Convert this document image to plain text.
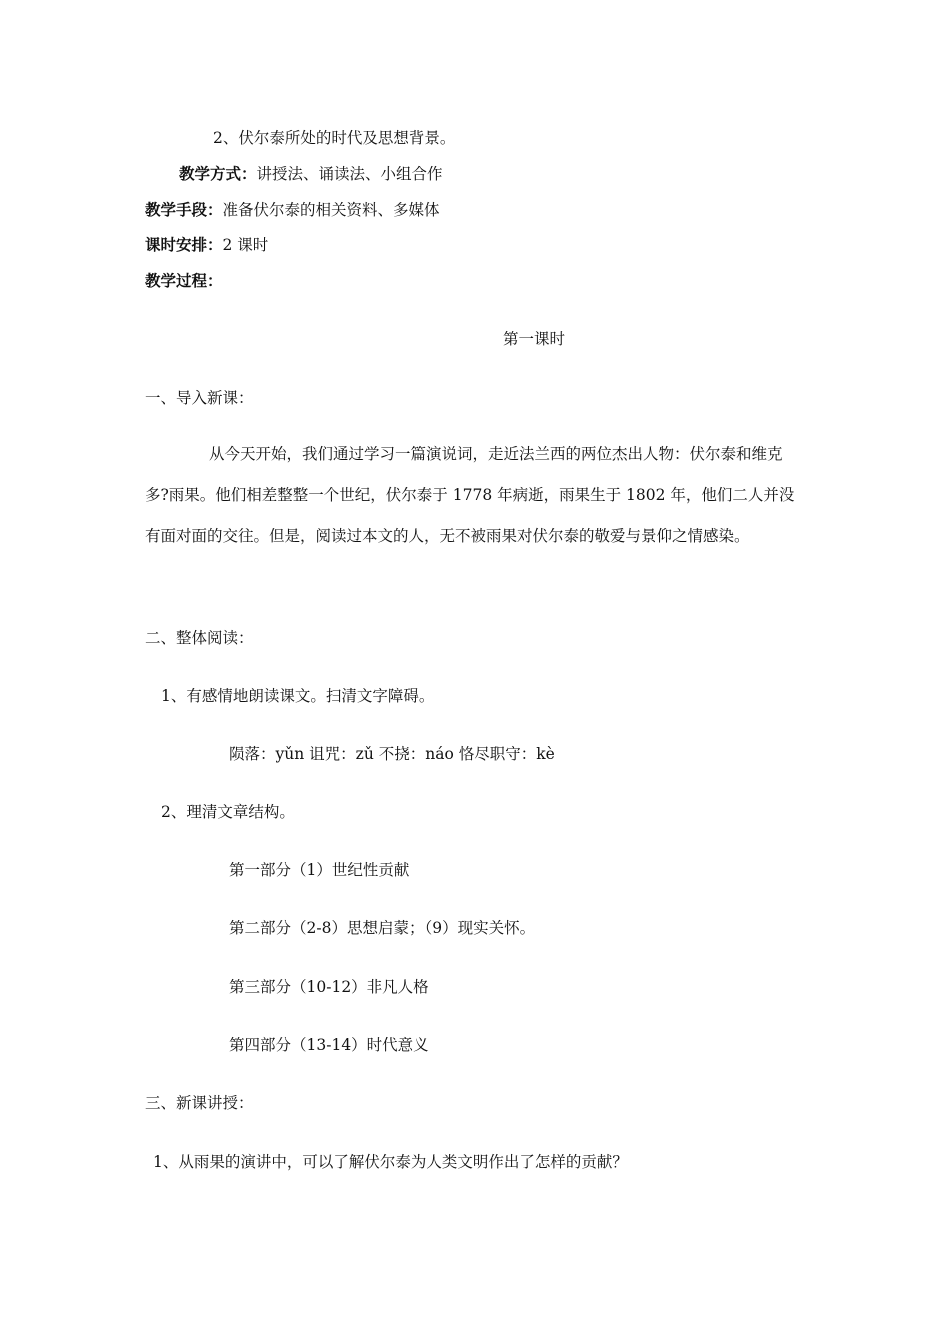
2、伏尔泰所处的时代及思想背景。
教学方式：讲授法、诵读法、小组合作
教学手段：准备伏尔泰的相关资料、多媒体
课时安排：2 课时
教学过程：
第一课时
一、导入新课：
从今天开始，我们通过学习一篇演说词，走近法兰西的两位杰出人物：伏尔泰和维克多?雨果。他们相差整整一个世纪，伏尔泰于 1778 年病逝，雨果生于 1802 年，他们二人并没有面对面的交往。但是，阅读过本文的人，无不被雨果对伏尔泰的敬爱与景仰之情感染。
二、整体阅读：
1、有感情地朗读课文。扫清文字障碍。
陨落：yǔn 诅咒：zǔ 不挠：náo 恪尽职守：kè
2、理清文章结构。
第一部分（1）世纪性贡献
第二部分（2-8）思想启蒙；（9）现实关怀。
第三部分（10-12）非凡人格
第四部分（13-14）时代意义
三、新课讲授：
1、从雨果的演讲中，可以了解伏尔泰为人类文明作出了怎样的贡献？
